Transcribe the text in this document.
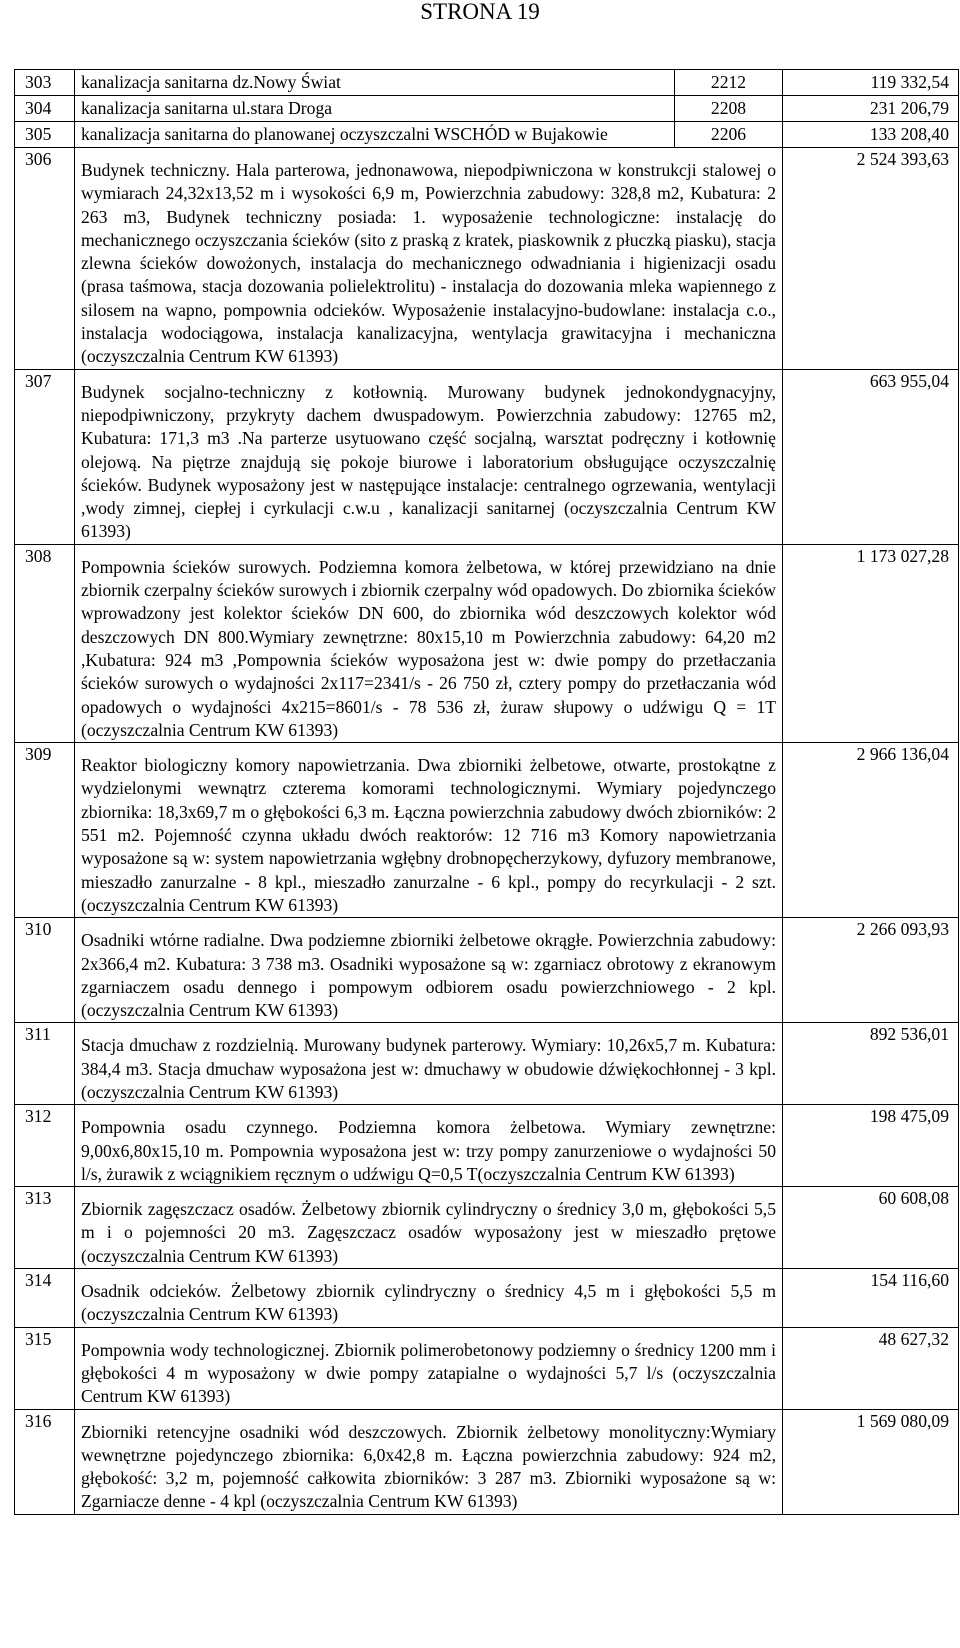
STRONA 19
303	kanalizacja sanitarna dz.Nowy Świat	2212	119 332,54
304	kanalizacja sanitarna ul.stara Droga	2208	231 206,79
305	kanalizacja sanitarna do planowanej oczyszczalni WSCHÓD w Bujakowie	2206	133 208,40
306	Budynek techniczny. Hala parterowa, jednonawowa, niepodpiwniczona w konstrukcji stalowej o wymiarach 24,32x13,52 m i wysokości 6,9 m, Powierzchnia zabudowy: 328,8 m2, Kubatura: 2 263 m3, Budynek techniczny posiada: 1. wyposażenie technologiczne: instalację do mechanicznego oczyszczania ścieków (sito z praską z kratek, piaskownik z płuczką piasku), stacja zlewna ścieków dowożonych, instalacja do mechanicznego odwadniania i higienizacji osadu (prasa taśmowa, stacja dozowania polielektrolitu) - instalacja do dozowania mleka wapiennego z silosem na wapno, pompownia odcieków. Wyposażenie instalacyjno-budowlane: instalacja c.o., instalacja wodociągowa, instalacja kanalizacyjna, wentylacja grawitacyjna i mechaniczna (oczyszczalnia Centrum KW 61393)		2 524 393,63
307	Budynek socjalno-techniczny z kotłownią. Murowany budynek jednokondygnacyjny, niepodpiwniczony, przykryty dachem dwuspadowym. Powierzchnia zabudowy: 12765 m2, Kubatura: 171,3 m3 .Na parterze usytuowano część socjalną, warsztat podręczny i kotłownię olejową. Na piętrze znajdują się pokoje biurowe i laboratorium obsługujące oczyszczalnię ścieków. Budynek wyposażony jest w następujące instalacje: centralnego ogrzewania, wentylacji ,wody zimnej, ciepłej i cyrkulacji c.w.u , kanalizacji sanitarnej (oczyszczalnia Centrum KW 61393)		663 955,04
308	Pompownia ścieków surowych. Podziemna komora żelbetowa, w której przewidziano na dnie zbiornik czerpalny ścieków surowych i zbiornik czerpalny wód opadowych. Do zbiornika ścieków wprowadzony jest kolektor ścieków DN 600, do zbiornika wód deszczowych kolektor wód deszczowych DN 800.Wymiary zewnętrzne: 80x15,10 m Powierzchnia zabudowy: 64,20 m2 ,Kubatura: 924 m3 ,Pompownia ścieków wyposażona jest w: dwie pompy do przetłaczania ścieków surowych o wydajności 2x117=2341/s - 26 750 zł, cztery pompy do przetłaczania wód opadowych o wydajności 4x215=8601/s - 78 536 zł, żuraw słupowy o udźwigu Q = 1T (oczyszczalnia Centrum KW 61393)		1 173 027,28
309	Reaktor biologiczny komory napowietrzania. Dwa zbiorniki żelbetowe, otwarte, prostokątne z wydzielonymi wewnątrz czterema komorami technologicznymi. Wymiary pojedynczego zbiornika: 18,3x69,7 m o głębokości 6,3 m. Łączna powierzchnia zabudowy dwóch zbiorników: 2 551 m2. Pojemność czynna układu dwóch reaktorów: 12 716 m3 Komory napowietrzania wyposażone są w: system napowietrzania wgłębny drobnopęcherzykowy, dyfuzory membranowe, mieszadło zanurzalne - 8 kpl., mieszadło zanurzalne - 6 kpl., pompy do recyrkulacji - 2 szt. (oczyszczalnia Centrum KW 61393)		2 966 136,04
310	Osadniki wtórne radialne. Dwa podziemne zbiorniki żelbetowe okrągłe. Powierzchnia zabudowy: 2x366,4 m2. Kubatura: 3 738 m3. Osadniki wyposażone są w: zgarniacz obrotowy z ekranowym zgarniaczem osadu dennego i pompowym odbiorem osadu powierzchniowego - 2 kpl. (oczyszczalnia Centrum KW 61393)		2 266 093,93
311	Stacja dmuchaw z rozdzielnią. Murowany budynek parterowy. Wymiary: 10,26x5,7 m. Kubatura: 384,4 m3. Stacja dmuchaw wyposażona jest w: dmuchawy w obudowie dźwiękochłonnej - 3 kpl.(oczyszczalnia Centrum KW 61393)		892 536,01
312	Pompownia osadu czynnego. Podziemna komora żelbetowa. Wymiary zewnętrzne: 9,00x6,80x15,10 m. Pompownia wyposażona jest w: trzy pompy zanurzeniowe o wydajności 50 l/s, żurawik z wciągnikiem ręcznym o udźwigu Q=0,5 T(oczyszczalnia Centrum KW 61393)		198 475,09
313	Zbiornik zagęszczacz osadów. Żelbetowy zbiornik cylindryczny o średnicy 3,0 m, głębokości 5,5 m i o pojemności 20 m3. Zagęszczacz osadów wyposażony jest w mieszadło prętowe (oczyszczalnia Centrum KW 61393)		60 608,08
314	Osadnik odcieków. Żelbetowy zbiornik cylindryczny o średnicy 4,5 m i głębokości 5,5 m (oczyszczalnia Centrum KW 61393)		154 116,60
315	Pompownia wody technologicznej. Zbiornik polimerobetonowy podziemny o średnicy 1200 mm i głębokości 4 m wyposażony w dwie pompy zatapialne o wydajności 5,7 l/s (oczyszczalnia Centrum KW 61393)		48 627,32
316	Zbiorniki retencyjne osadniki wód deszczowych. Zbiornik żelbetowy monolityczny:Wymiary wewnętrzne pojedynczego zbiornika: 6,0x42,8 m. Łączna powierzchnia zabudowy: 924 m2, głębokość: 3,2 m, pojemność całkowita zbiorników: 3 287 m3. Zbiorniki wyposażone są w: Zgarniacze denne - 4 kpl (oczyszczalnia Centrum KW 61393)		1 569 080,09
